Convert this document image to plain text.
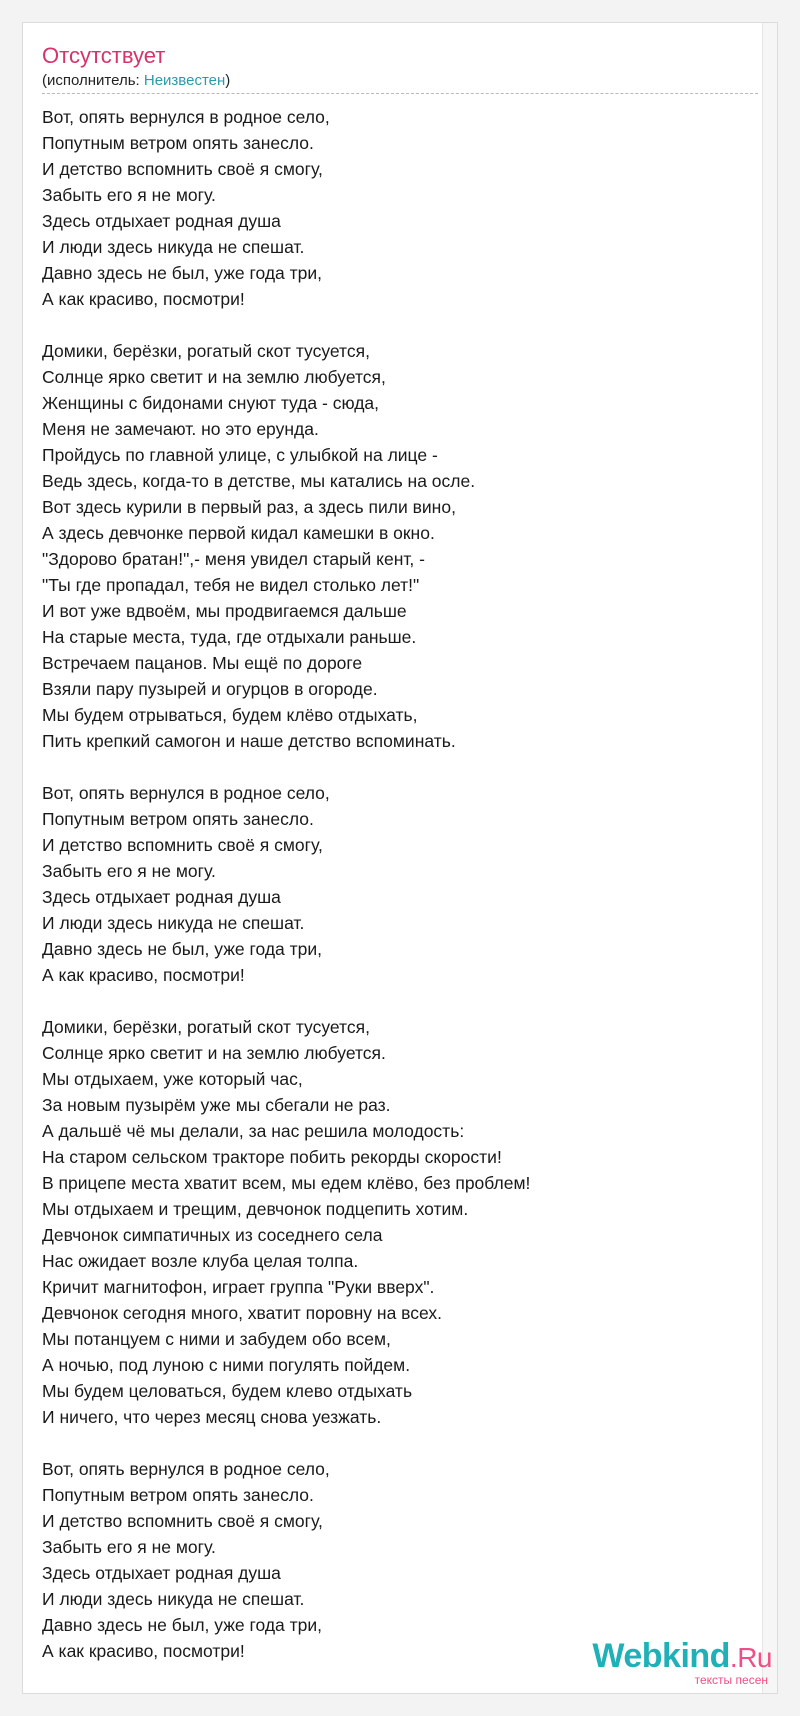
Отсутствует
(исполнитель: Неизвестен)
Вот, опять вернулся в родное село,
Попутным ветром опять занесло.
И детство вспомнить своё я смогу,
Забыть его я не могу.
Здесь отдыхает родная душа
И люди здесь никуда не спешат.
Давно здесь не был, уже года три,
А как красиво, посмотри!
Домики, берёзки, рогатый скот тусуется,
Солнце ярко светит и на землю любуется,
Женщины с бидонами снуют туда - сюда,
Меня не замечают. но это ерунда.
Пройдусь по главной улице, с улыбкой на лице -
Ведь здесь, когда-то в детстве, мы катались на осле.
Вот здесь курили в первый раз, а здесь пили вино,
А здесь девчонке первой кидал камешки в окно.
"Здорово братан!",- меня увидел старый кент, -
"Ты где пропадал, тебя не видел столько лет!"
И вот уже вдвоём, мы продвигаемся дальше
На старые места, туда, где отдыхали раньше.
Встречаем пацанов. Мы ещё по дороге
Взяли пару пузырей и огурцов в огороде.
Мы будем отрываться, будем клёво отдыхать,
Пить крепкий самогон и наше детство вспоминать.
Вот, опять вернулся в родное село,
Попутным ветром опять занесло.
И детство вспомнить своё я смогу,
Забыть его я не могу.
Здесь отдыхает родная душа
И люди здесь никуда не спешат.
Давно здесь не был, уже года три,
А как красиво, посмотри!
Домики, берёзки, рогатый скот тусуется,
Солнце ярко светит и на землю любуется.
Мы отдыхаем, уже который час,
За новым пузырём уже мы сбегали не раз.
А дальшё чё мы делали, за нас решила молодость:
На старом сельском тракторе побить рекорды скорости!
В прицепе места хватит всем, мы едем клёво, без проблем!
Мы отдыхаем и трещим, девчонок подцепить хотим.
Девчонок симпатичных из соседнего села
Нас ожидает возле клуба целая толпа.
Кричит магнитофон, играет группа "Руки вверх".
Девчонок сегодня много, хватит поровну на всех.
Мы потанцуем с ними и забудем обо всем,
А ночью, под луною с ними погулять пойдем.
Мы будем целоваться, будем клево отдыхать
И ничего, что через месяц снова уезжать.
Вот, опять вернулся в родное село,
Попутным ветром опять занесло.
И детство вспомнить своё я смогу,
Забыть его я не могу.
Здесь отдыхает родная душа
И люди здесь никуда не спешат.
Давно здесь не был, уже года три,
А как красиво, посмотри!	Webkind.Ru
тексты песен
